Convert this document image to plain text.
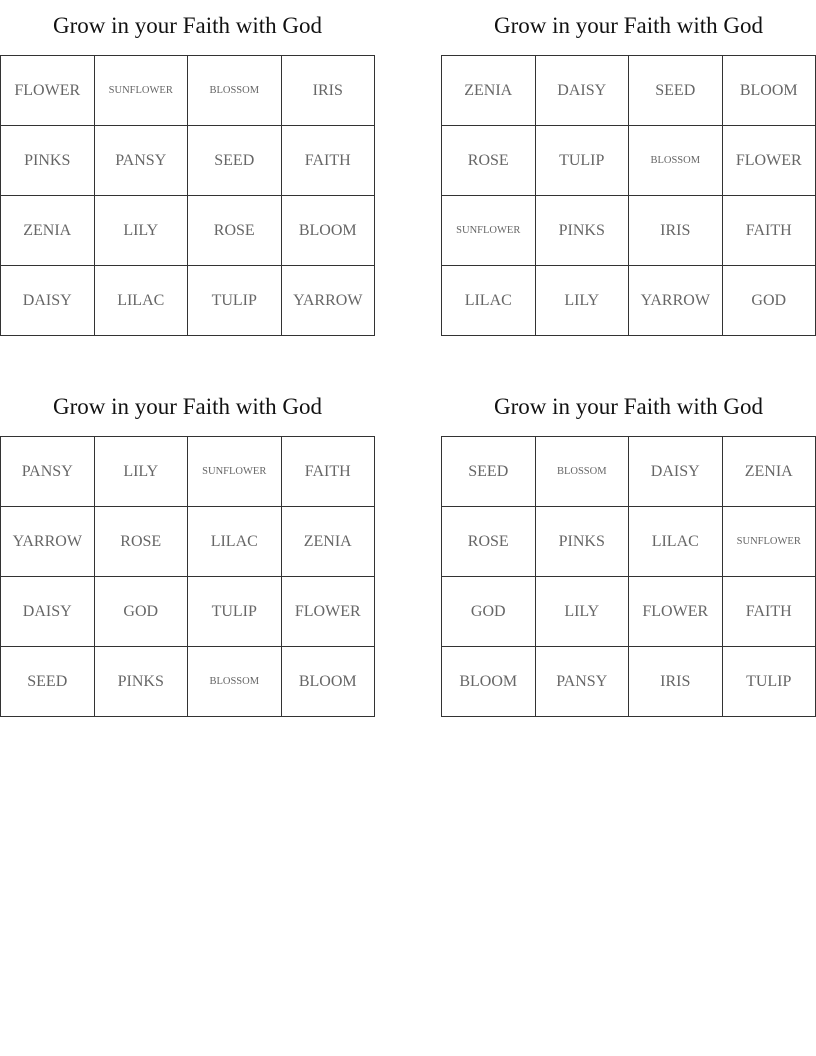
Grow in your Faith with God
FLOWER	SUNFLOWER	BLOSSOM	IRIS
PINKS	PANSY	SEED	FAITH
ZENIA	LILY	ROSE	BLOOM
DAISY	LILAC	TULIP	YARROW
Grow in your Faith with God
ZENIA	DAISY	SEED	BLOOM
ROSE	TULIP	BLOSSOM	FLOWER
SUNFLOWER	PINKS	IRIS	FAITH
LILAC	LILY	YARROW	GOD
Grow in your Faith with God
PANSY	LILY	SUNFLOWER	FAITH
YARROW	ROSE	LILAC	ZENIA
DAISY	GOD	TULIP	FLOWER
SEED	PINKS	BLOSSOM	BLOOM
Grow in your Faith with God
SEED	BLOSSOM	DAISY	ZENIA
ROSE	PINKS	LILAC	SUNFLOWER
GOD	LILY	FLOWER	FAITH
BLOOM	PANSY	IRIS	TULIP
